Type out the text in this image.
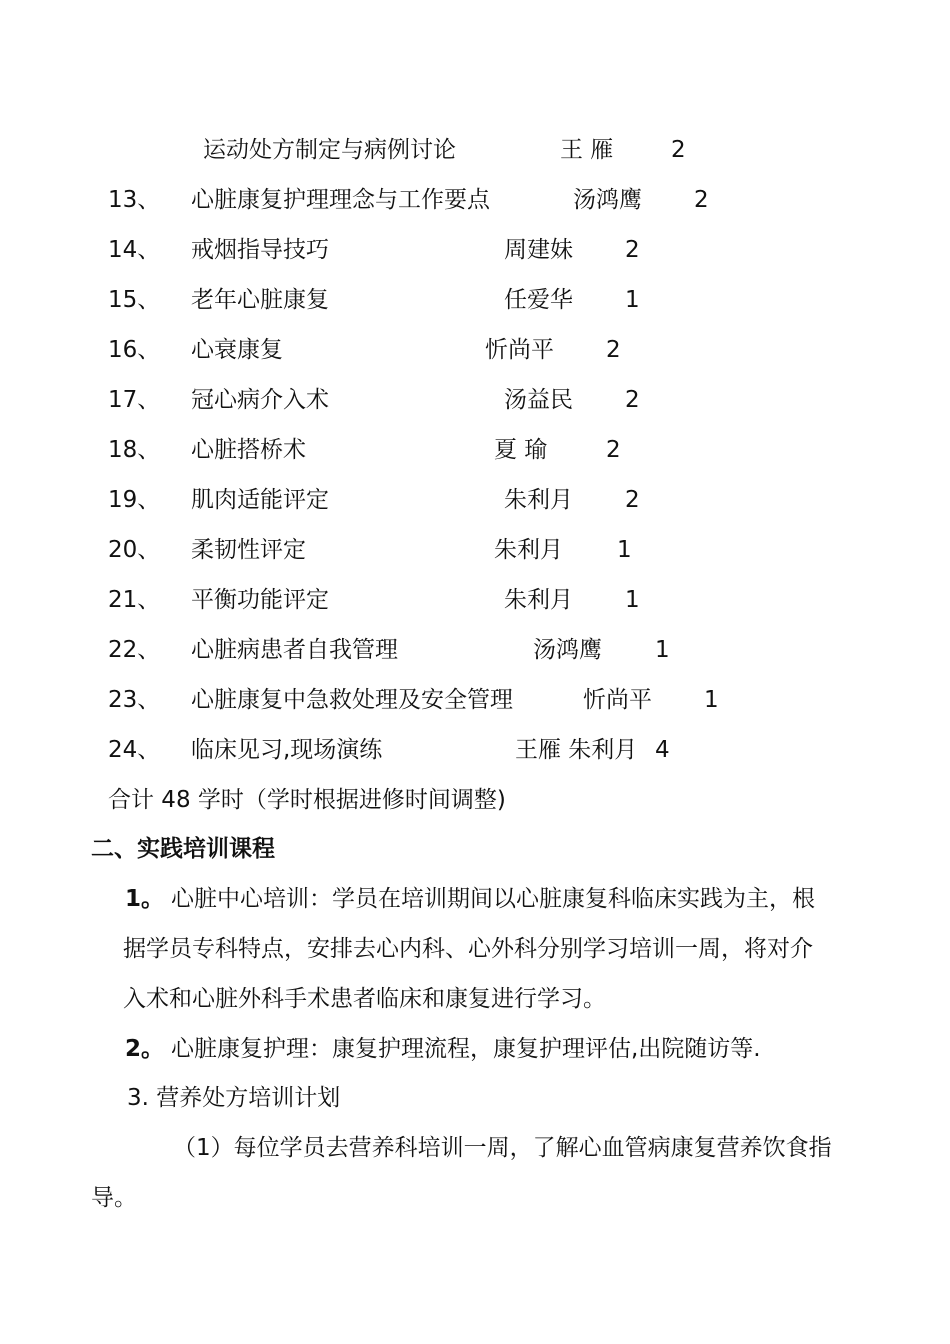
运动处方制定与病例讨论	王 雁	2
13、 心脏康复护理理念与工作要点	汤鸿鹰 2
14、 戒烟指导技巧	周建妹 2
15、 老年心脏康复	任爱华 1
16、 心衰康复	忻尚平 2
17、 冠心病介入术	汤益民 2
18、 心脏搭桥术	夏 瑜	2
19、 肌肉适能评定	朱利月 2
20、 柔韧性评定	朱利月 1
21、 平衡功能评定	朱利月 1
22、 心脏病患者自我管理	汤鸿鹰 1
23、 心脏康复中急救处理及安全管理	忻尚平 1
24、 临床见习,现场演练	王雁 朱利月 4
合计 48 学时（学时根据进修时间调整)
二、实践培训课程
1。 心脏中心培训：学员在培训期间以心脏康复科临床实践为主，根
据学员专科特点，安排去心内科、心外科分别学习培训一周，将对介
入术和心脏外科手术患者临床和康复进行学习。
2。 心脏康复护理：康复护理流程，康复护理评估,出院随访等.
3. 营养处方培训计划
（1）每位学员去营养科培训一周，了解心血管病康复营养饮食指
导。
